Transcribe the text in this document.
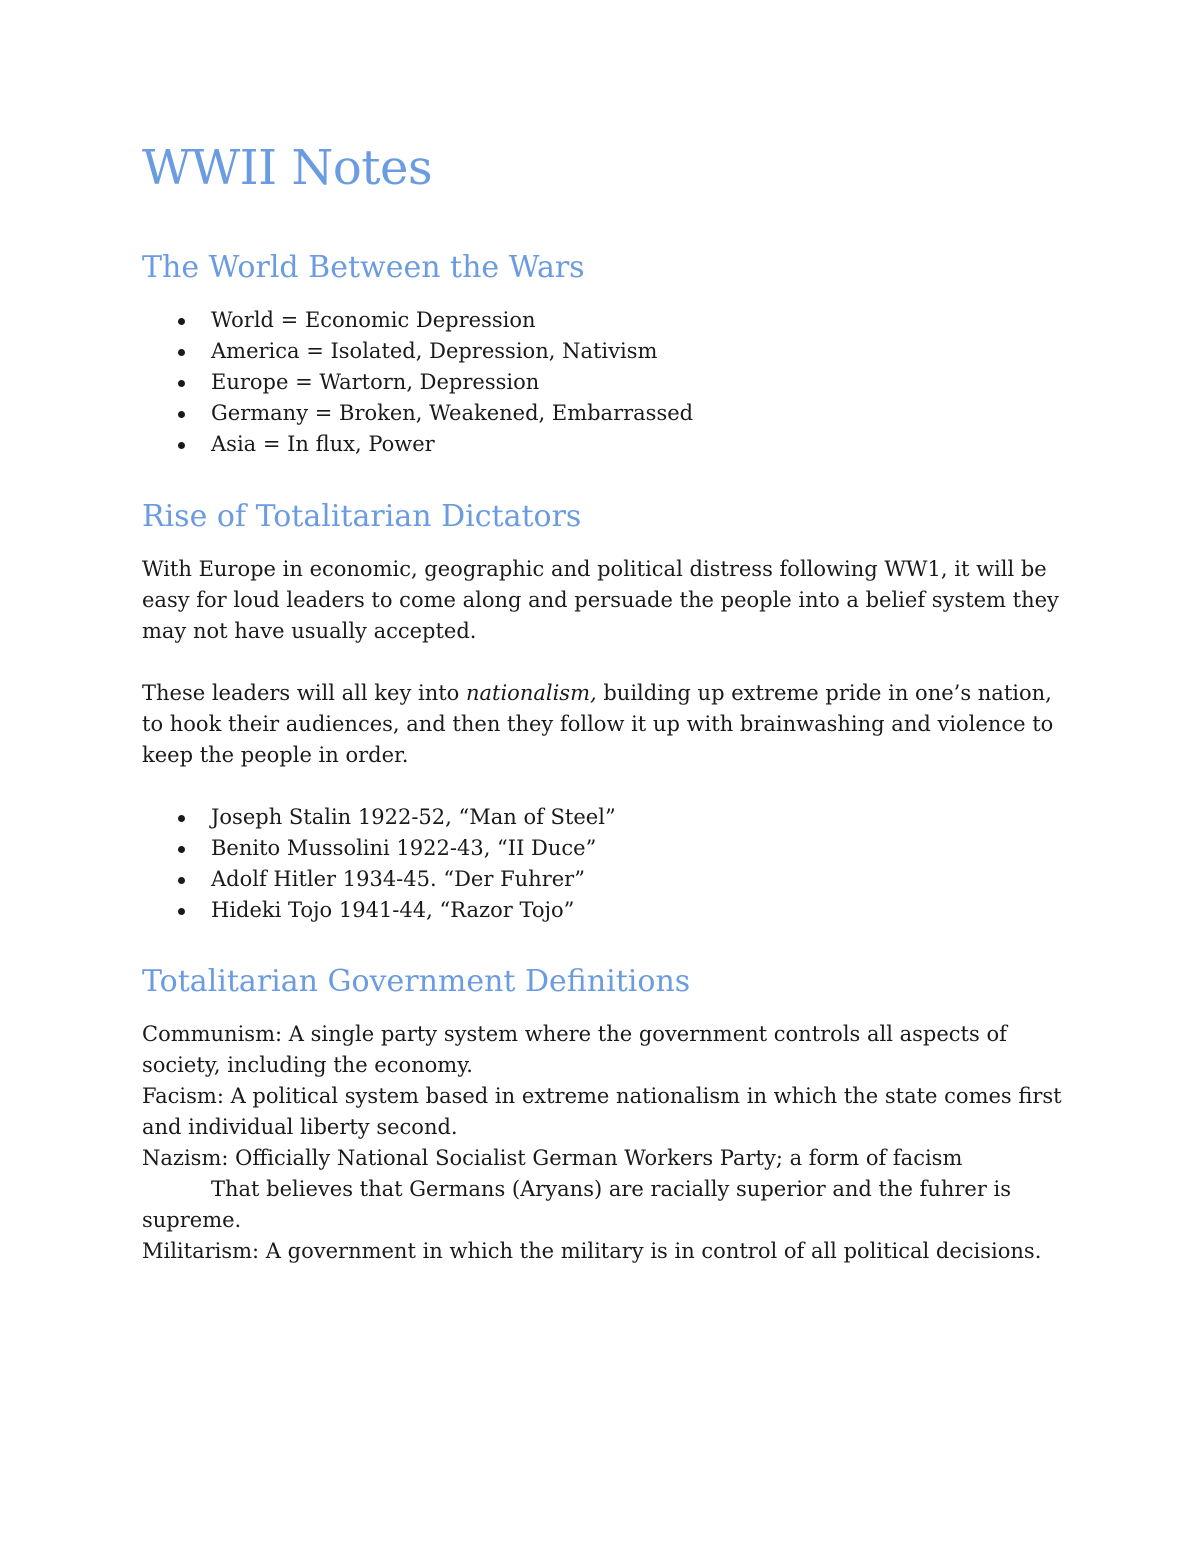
WWII Notes
The World Between the Wars
World = Economic Depression
America = Isolated, Depression, Nativism
Europe = Wartorn, Depression
Germany = Broken, Weakened, Embarrassed
Asia = In flux, Power
Rise of Totalitarian Dictators

With Europe in economic, geographic and political distress following WW1, it will be
easy for loud leaders to come along and persuade the people into a belief system they
may not have usually accepted.

These leaders will all key into nationalism, building up extreme pride in one’s nation,
to hook their audiences, and then they follow it up with brainwashing and violence to
keep the people in order.

Joseph Stalin 1922-52, “Man of Steel”
Benito Mussolini 1922-43, “II Duce”
Adolf Hitler 1934-45. “Der Fuhrer”
Hideki Tojo 1941-44, “Razor Tojo”
Totalitarian Government Definitions

Communism: A single party system where the government controls all aspects of
society, including the economy.
Facism: A political system based in extreme nationalism in which the state comes first
and individual liberty second.
Nazism: Officially National Socialist German Workers Party; a form of facism
That believes that Germans (Aryans) are racially superior and the fuhrer is
supreme.
Militarism: A government in which the military is in control of all political decisions.
